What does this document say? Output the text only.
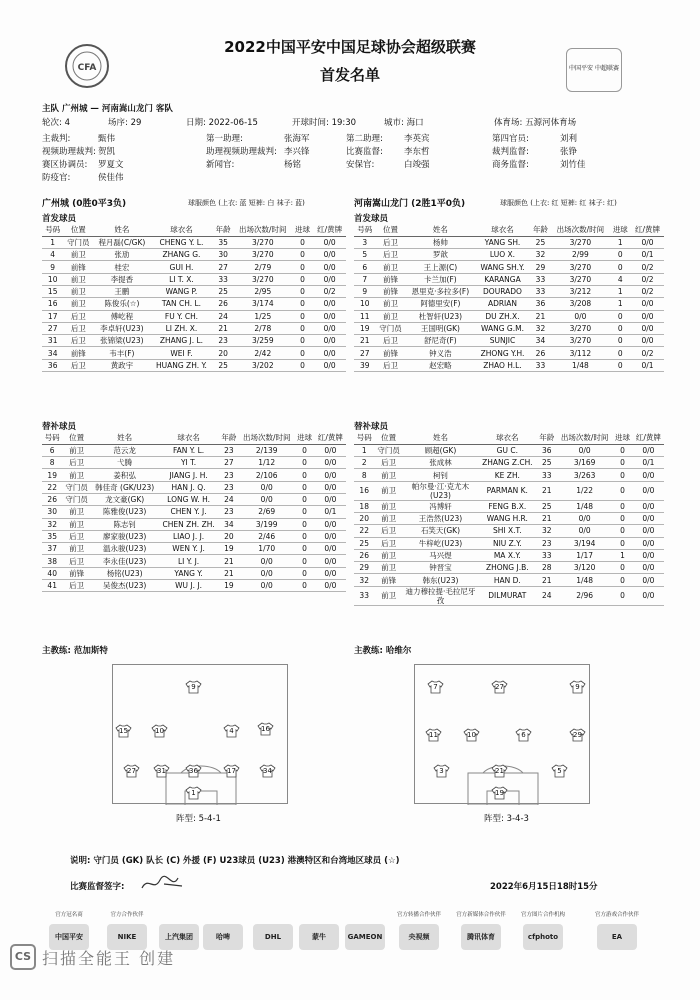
CFA	中国平安 中超联赛
2022中国平安中国足球协会超级联赛
首发名单
主队 广州城 — 河南嵩山龙门 客队
轮次: 4	场序: 29	日期: 2022-06-15	开球时间: 19:30	城市: 海口	体育场: 五源河体育场
主裁判:	甄伟	第一助理:	张海军	第二助理: 李英宾	第四官员:	刘利
视频助理裁判: 贺凯	助理视频助理裁判: 李兴锋	比赛监督: 李东哲	裁判监督:	张铮
赛区协调员: 罗夏文	新闻官:	杨铭	安保官:	白竣强	商务监督:	刘竹佳
防疫官:	侯佳伟
广州城 (0胜0平3负)	球服颜色 (上衣: 蓝 短裤: 白 袜子: 蓝)	河南嵩山龙门 (2胜1平0负)	球服颜色 (上衣: 红 短裤: 红 袜子: 红)
首发球员	首发球员
号码	位置	姓名	球衣名	年龄	出场次数/时间	进球	红/黄牌
1	守门员	程月磊(C/GK)	CHENG Y. L.	35	3/270	0	0/0
4	前卫	张劢	ZHANG G.	30	3/270	0	0/0
9	前锋	桂宏	GUI H.	27	2/79	0	0/0
10	前卫	李提香	LI T. X.	33	3/270	0	0/0
15	前卫	王鹏	WANG P.	25	2/95	0	0/2
16	前卫	陈俊乐(☆)	TAN CH. L.	26	3/174	0	0/0
17	后卫	傅屹程	FU Y. CH.	24	1/25	0	0/0
27	后卫	李卓轩(U23)	LI ZH. X.	21	2/78	0	0/0
31	后卫	张锦梁(U23)	ZHANG J. L.	23	3/259	0	0/0
34	前锋	韦丰(F)	WEI F.	20	2/42	0	0/0
36	后卫	黄政宇	HUANG ZH. Y.	25	3/202	0	0/0
号码	位置	姓名	球衣名	年龄	出场次数/时间	进球	红/黄牌
3	后卫	杨帅	YANG SH.	25	3/270	1	0/0
5	后卫	罗歆	LUO X.	32	2/99	0	0/1
6	前卫	王上源(C)	WANG SH.Y.	29	3/270	0	0/2
7	前锋	卡兰加(F)	KARANGA	33	3/270	4	0/2
9	前锋	恩里克·多拉多(F)	DOURADO	33	3/212	1	0/2
10	前卫	阿德里安(F)	ADRIAN	36	3/208	1	0/0
11	前卫	杜智轩(U23)	DU ZH.X.	21	0/0	0	0/0
19	守门员	王国明(GK)	WANG G.M.	32	3/270	0	0/0
21	后卫	舒尼奇(F)	SUNJIC	34	3/270	0	0/0
27	前锋	钟义浩	ZHONG Y.H.	26	3/112	0	0/2
39	后卫	赵宏略	ZHAO H.L.	33	1/48	0	0/1
替补球员	替补球员
号码	位置	姓名	球衣名	年龄	出场次数/时间	进球	红/黄牌
6	前卫	范云龙	FAN Y. L.	23	2/139	0	0/0
8	后卫	弋腾	YI T.	27	1/12	0	0/0
19	前卫	姜积弘	JIANG J. H.	23	2/106	0	0/0
22	守门员	韩佳奇 (GK/U23)	HAN J. Q.	23	0/0	0	0/0
26	守门员	龙文豪(GK)	LONG W. H.	24	0/0	0	0/0
30	前卫	陈雅俊(U23)	CHEN Y. J.	23	2/69	0	0/1
32	前卫	陈志钊	CHEN ZH. ZH.	34	3/199	0	0/0
35	后卫	廖家骏(U23)	LIAO J. J.	20	2/46	0	0/0
37	前卫	温永骏(U23)	WEN Y. J.	19	1/70	0	0/0
38	后卫	李永佳(U23)	LI Y. J.	21	0/0	0	0/0
40	前锋	杨铭(U23)	YANG Y.	21	0/0	0	0/0
41	后卫	吴俊杰(U23)	WU J. J.	19	0/0	0	0/0
号码	位置	姓名	球衣名	年龄	出场次数/时间	进球	红/黄牌
1	守门员	顾超(GK)	GU C.	36	0/0	0	0/0
2	后卫	张成林	ZHANG Z.CH.	25	3/169	0	0/1
8	前卫	柯钊	KE ZH.	33	3/263	0	0/0
16	前卫	帕尔曼·江·克尤木(U23)	PARMAN K.	21	1/22	0	0/0
18	前卫	冯博轩	FENG B.X.	25	1/48	0	0/0
20	前卫	王浩然(U23)	WANG H.R.	21	0/0	0	0/0
22	后卫	石笑天(GK)	SHI X.T.	32	0/0	0	0/0
25	后卫	牛梓屹(U23)	NIU Z.Y.	23	3/194	0	0/0
26	前卫	马兴煜	MA X.Y.	33	1/17	1	0/0
29	前卫	钟晋宝	ZHONG J.B.	28	3/120	0	0/0
32	前锋	韩东(U23)	HAN D.	21	1/48	0	0/0
33	前卫	迪力穆拉提·毛拉尼牙孜	DILMURAT	24	2/96	0	0/0
主教练: 范加斯特	主教练: 哈维尔
9
15	10	4	16
27	31	36	17	34
1
7	27	9
11	10	6	29
3	21	5
19
阵型: 5-4-1	阵型: 3-4-3
说明: 守门员 (GK) 队长 (C) 外援 (F) U23球员 (U23) 港澳特区和台湾地区球员 (☆)
比赛监督签字:	2022年6月15日18时15分
官方冠名商
中国平安
官方合作伙伴
NIKE	上汽集团	哈啤	DHL	蒙牛	GAMEON
官方转播合作伙伴
央视频
官方新媒体合作伙伴
腾讯体育
官方图片合作机构
cfphoto
官方游戏合作伙伴
EA
CS 扫描全能王 创建
